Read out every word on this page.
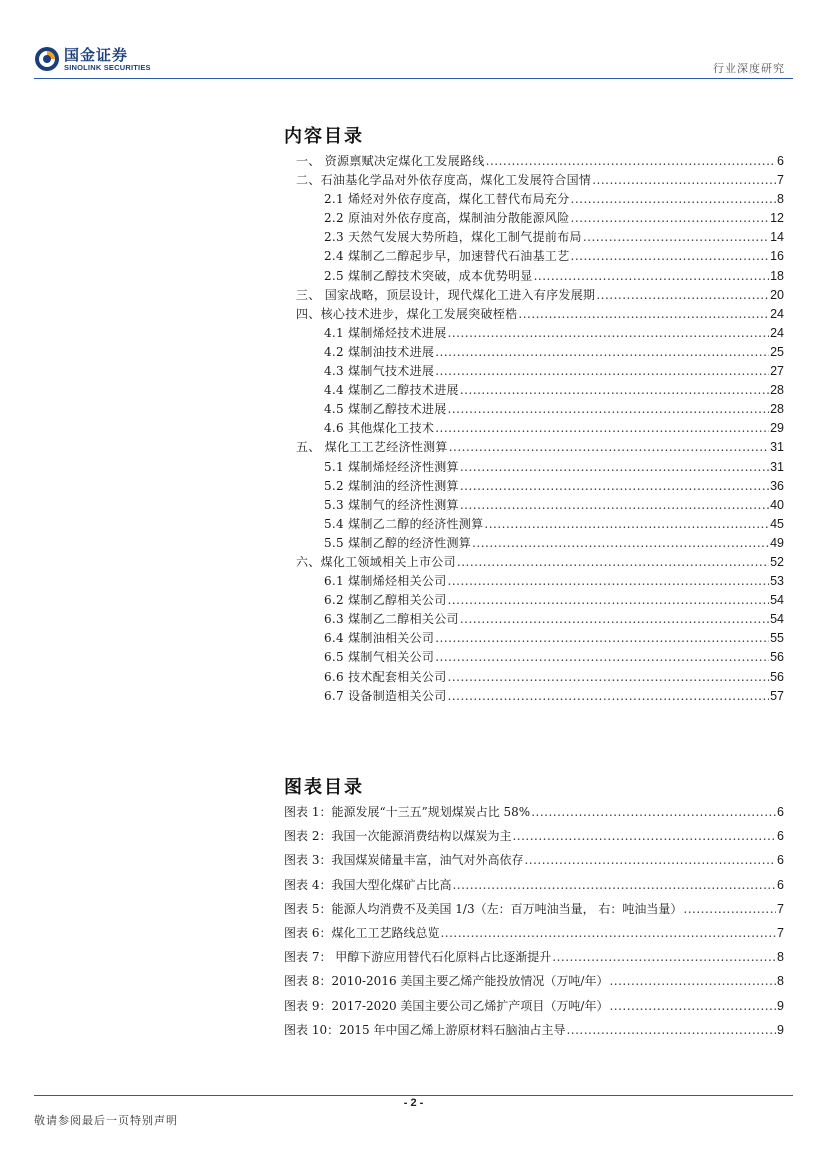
国金证券
SINOLINK SECURITIES	行业深度研究
内容目录
一、 资源禀赋决定煤化工发展路线 .....	6
二、石油基化学品对外依存度高，煤化工发展符合国情 .....	7
2.1 烯烃对外依存度高，煤化工替代布局充分 .....	8
2.2 原油对外依存度高，煤制油分散能源风险 .....	12
2.3 天然气发展大势所趋，煤化工制气提前布局 .....	14
2.4 煤制乙二醇起步早，加速替代石油基工艺 .....	16
2.5 煤制乙醇技术突破，成本优势明显 .....	18
三、 国家战略，顶层设计，现代煤化工进入有序发展期 .....	20
四、核心技术进步，煤化工发展突破桎梏 .....	24
4.1 煤制烯烃技术进展 .....	24
4.2 煤制油技术进展 .....	25
4.3 煤制气技术进展 .....	27
4.4 煤制乙二醇技术进展 .....	28
4.5 煤制乙醇技术进展 .....	28
4.6 其他煤化工技术 .....	29
五、 煤化工工艺经济性测算 .....	31
5.1 煤制烯烃经济性测算 .....	31
5.2 煤制油的经济性测算 .....	36
5.3 煤制气的经济性测算 .....	40
5.4 煤制乙二醇的经济性测算 .....	45
5.5 煤制乙醇的经济性测算 .....	49
六、煤化工领域相关上市公司 .....	52
6.1 煤制烯烃相关公司 .....	53
6.2 煤制乙醇相关公司 .....	54
6.3 煤制乙二醇相关公司 .....	54
6.4 煤制油相关公司 .....	55
6.5 煤制气相关公司 .....	56
6.6 技术配套相关公司 .....	56
6.7 设备制造相关公司 .....	57
图表目录
图表 1：能源发展“十三五”规划煤炭占比 58% .....	6
图表 2：我国一次能源消费结构以煤炭为主 .....	6
图表 3：我国煤炭储量丰富，油气对外高依存 .....	6
图表 4：我国大型化煤矿占比高 .....	6
图表 5：能源人均消费不及美国 1/3（左：百万吨油当量， 右：吨油当量） .....	7
图表 6：煤化工工艺路线总览 .....	7
图表 7： 甲醇下游应用替代石化原料占比逐渐提升 .....	8
图表 8：2010-2016 美国主要乙烯产能投放情况（万吨/年） .....	8
图表 9：2017-2020 美国主要公司乙烯扩产项目（万吨/年） .....	9
图表 10：2015 年中国乙烯上游原材料石脑油占主导 .....	9
- 2 -
敬请参阅最后一页特别声明
